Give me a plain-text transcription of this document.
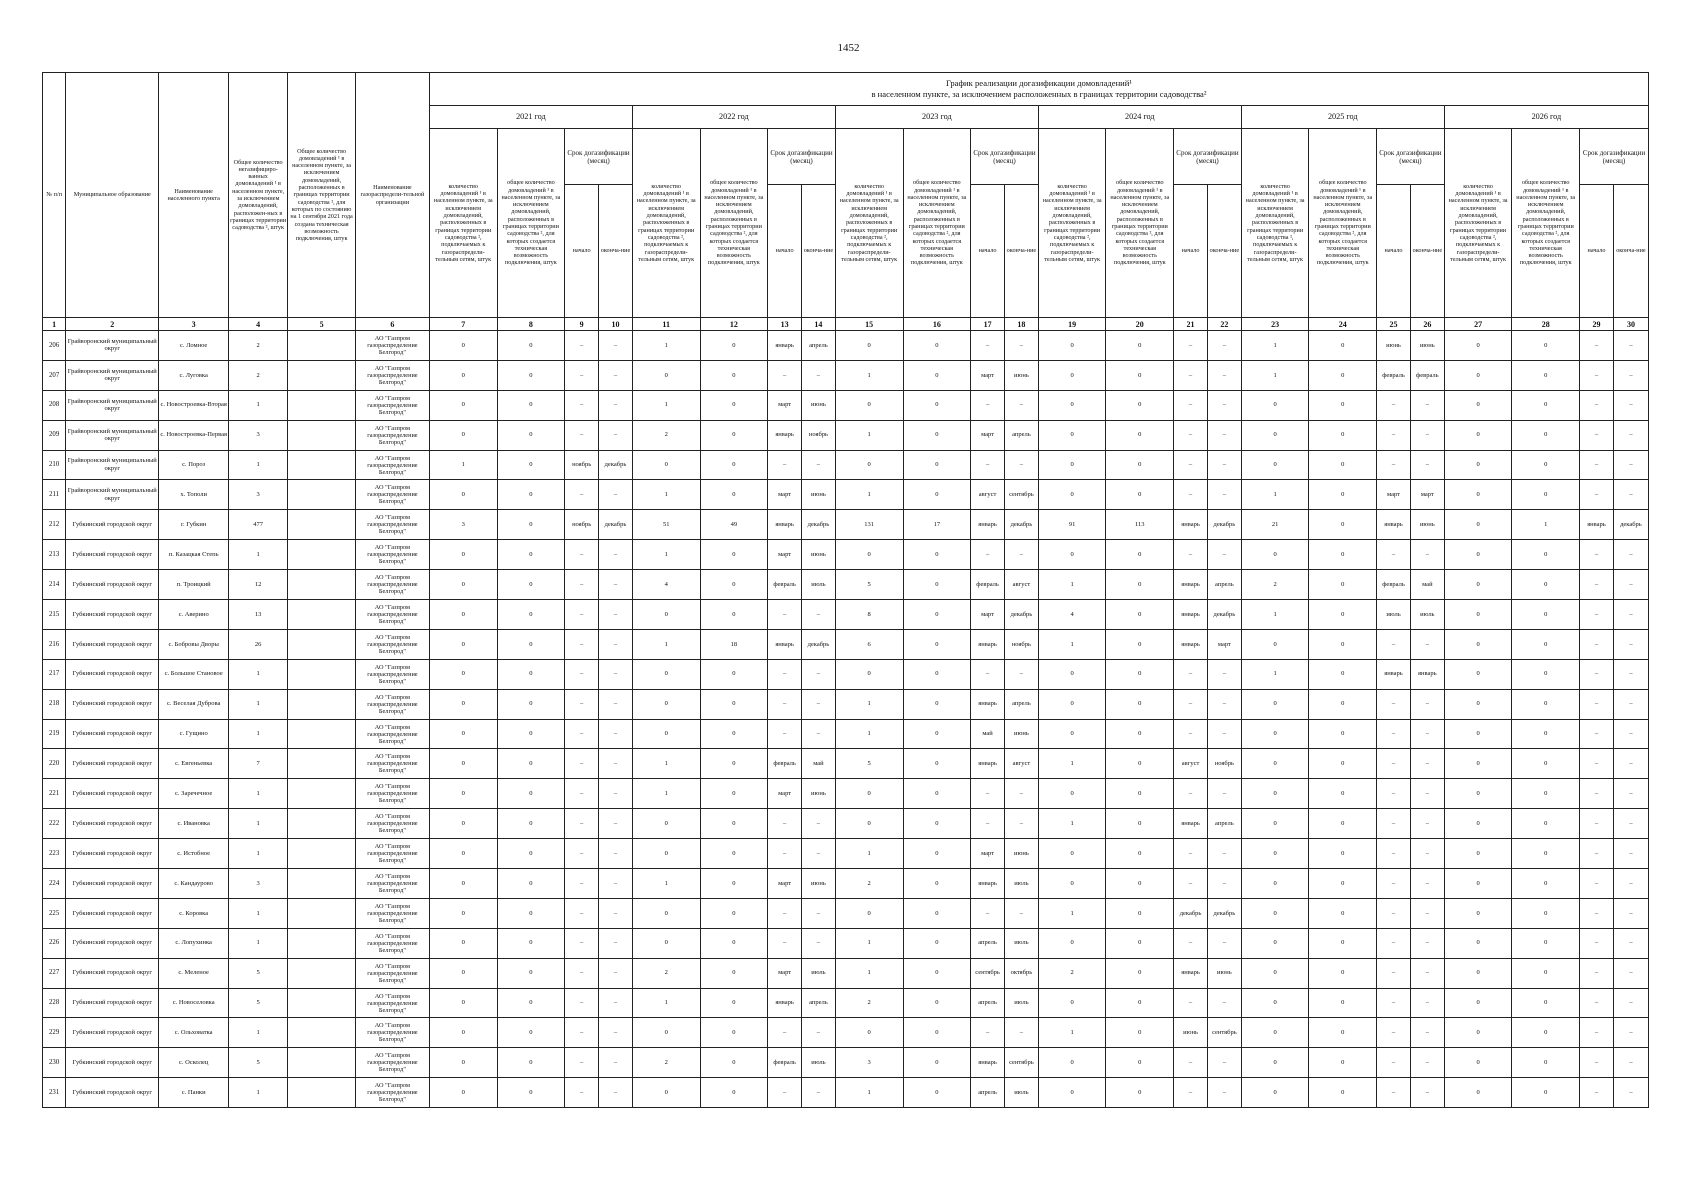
1452
№ п/п	Муниципальное образование	Наименование населенного пункта	Общее количество негазифициро-ванных домовладений ¹ в населенном пункте, за исключением домовладений, расположен-ных в границах территории садоводства ², штук	Общее количество домовладений ¹ в населенном пункте, за исключением домовладений, расположенных в границах территории садоводства ², для которых по состоянию на 1 сентября 2021 года создана техническая возможность подключения, штук	Наименование газораспредели-тельной организации	График реализации догазификации домовладений¹
в населенном пункте, за исключением расположенных в границах территории садоводства²																							

						2021 год				2022 год				2023 год				2024 год				2025 год				2026 год			
						количество домовладений ¹ в населенном пункте, за исключением домовладений, расположенных в границах территории садоводства ², подключаемых к газораспредели-тельным сетям, штук	общее количество домовладений ¹ в населенном пункте, за исключением домовладений, расположенных в границах территории садоводства ², для которых создается техническая возможность подключения, штук	Срок догазификации (месяц)		количество домовладений ¹ в населенном пункте, за исключением домовладений, расположенных в границах территории садоводства ², подключаемых к газораспредели-тельным сетям, штук	общее количество домовладений ¹ в населенном пункте, за исключением домовладений, расположенных в границах территории садоводства ², для которых создается техническая возможность подключения, штук	Срок догазификации (месяц)		количество домовладений ¹ в населенном пункте, за исключением домовладений, расположенных в границах территории садоводства ², подключаемых к газораспредели-тельным сетям, штук	общее количество домовладений ¹ в населенном пункте, за исключением домовладений, расположенных в границах территории садоводства ², для которых создается техническая возможность подключения, штук	Срок догазификации (месяц)		количество домовладений ¹ в населенном пункте, за исключением домовладений, расположенных в границах территории садоводства ², подключаемых к газораспредели-тельным сетям, штук	общее количество домовладений ¹ в населенном пункте, за исключением домовладений, расположенных в границах территории садоводства ², для которых создается техническая возможность подключения, штук	Срок догазификации (месяц)		количество домовладений ¹ в населенном пункте, за исключением домовладений, расположенных в границах территории садоводства ², подключаемых к газораспредели-тельным сетям, штук	общее количество домовладений ¹ в населенном пункте, за исключением домовладений, расположенных в границах территории садоводства ², для которых создается техническая возможность подключения, штук	Срок догазификации (месяц)		количество домовладений ¹ в населенном пункте, за исключением домовладений, расположенных в границах территории садоводства ², подключаемых к газораспредели-тельным сетям, штук	общее количество домовладений ¹ в населенном пункте, за исключением домовладений, расположенных в границах территории садоводства ², для которых создается техническая возможность подключения, штук	Срок догазификации (месяц)	
								начало	оконча-ние			начало	оконча-ние			начало	оконча-ние			начало	оконча-ние			начало	оконча-ние			начало	оконча-ние
1	2	3	4	5	6	7	8	9	10	11	12	13	14	15	16	17	18	19	20	21	22	23	24	25	26	27	28	29	30
206	Грайворонский муниципальный округ	с. Ломное	2		АО "Газпром газораспределение Белгород"	0	0	–	–	1	0	январь	апрель	0	0	–	–	0	0	–	–	1	0	июнь	июнь	0	0	–	–
207	Грайворонский муниципальный округ	с. Луговка	2		АО "Газпром газораспределение Белгород"	0	0	–	–	0	0	–	–	1	0	март	июнь	0	0	–	–	1	0	февраль	февраль	0	0	–	–
208	Грайворонский муниципальный округ	с. Новостроевка-Вторая	1		АО "Газпром газораспределение Белгород"	0	0	–	–	1	0	март	июнь	0	0	–	–	0	0	–	–	0	0	–	–	0	0	–	–
209	Грайворонский муниципальный округ	с. Новостроевка-Первая	3		АО "Газпром газораспределение Белгород"	0	0	–	–	2	0	январь	ноябрь	1	0	март	апрель	0	0	–	–	0	0	–	–	0	0	–	–
210	Грайворонский муниципальный округ	с. Пороз	1		АО "Газпром газораспределение Белгород"	1	0	ноябрь	декабрь	0	0	–	–	0	0	–	–	0	0	–	–	0	0	–	–	0	0	–	–
211	Грайворонский муниципальный округ	х. Тополи	3		АО "Газпром газораспределение Белгород"	0	0	–	–	1	0	март	июнь	1	0	август	сентябрь	0	0	–	–	1	0	март	март	0	0	–	–
212	Губкинский городской округ	г. Губкин	477		АО "Газпром газораспределение Белгород"	3	0	ноябрь	декабрь	51	49	январь	декабрь	131	17	январь	декабрь	91	113	январь	декабрь	21	0	январь	июнь	0	1	январь	декабрь
213	Губкинский городской округ	п. Казацкая Степь	1		АО "Газпром газораспределение Белгород"	0	0	–	–	1	0	март	июнь	0	0	–	–	0	0	–	–	0	0	–	–	0	0	–	–
214	Губкинский городской округ	п. Троицкий	12		АО "Газпром газораспределение Белгород"	0	0	–	–	4	0	февраль	июль	5	0	февраль	август	1	0	январь	апрель	2	0	февраль	май	0	0	–	–
215	Губкинский городской округ	с. Аверино	13		АО "Газпром газораспределение Белгород"	0	0	–	–	0	0	–	–	8	0	март	декабрь	4	0	январь	декабрь	1	0	июль	июль	0	0	–	–
216	Губкинский городской округ	с. Бобровы Дворы	26		АО "Газпром газораспределение Белгород"	0	0	–	–	1	18	январь	декабрь	6	0	январь	ноябрь	1	0	январь	март	0	0	–	–	0	0	–	–
217	Губкинский городской округ	с. Большое Становое	1		АО "Газпром газораспределение Белгород"	0	0	–	–	0	0	–	–	0	0	–	–	0	0	–	–	1	0	январь	январь	0	0	–	–
218	Губкинский городской округ	с. Веселая Дуброва	1		АО "Газпром газораспределение Белгород"	0	0	–	–	0	0	–	–	1	0	январь	апрель	0	0	–	–	0	0	–	–	0	0	–	–
219	Губкинский городской округ	с. Гущино	1		АО "Газпром газораспределение Белгород"	0	0	–	–	0	0	–	–	1	0	май	июнь	0	0	–	–	0	0	–	–	0	0	–	–
220	Губкинский городской округ	с. Евгеньевка	7		АО "Газпром газораспределение Белгород"	0	0	–	–	1	0	февраль	май	5	0	январь	август	1	0	август	ноябрь	0	0	–	–	0	0	–	–
221	Губкинский городской округ	с. Заречечное	1		АО "Газпром газораспределение Белгород"	0	0	–	–	1	0	март	июнь	0	0	–	–	0	0	–	–	0	0	–	–	0	0	–	–
222	Губкинский городской округ	с. Ивановка	1		АО "Газпром газораспределение Белгород"	0	0	–	–	0	0	–	–	0	0	–	–	1	0	январь	апрель	0	0	–	–	0	0	–	–
223	Губкинский городской округ	с. Истобное	1		АО "Газпром газораспределение Белгород"	0	0	–	–	0	0	–	–	1	0	март	июнь	0	0	–	–	0	0	–	–	0	0	–	–
224	Губкинский городской округ	с. Кандаурово	3		АО "Газпром газораспределение Белгород"	0	0	–	–	1	0	март	июнь	2	0	январь	июль	0	0	–	–	0	0	–	–	0	0	–	–
225	Губкинский городской округ	с. Коровка	1		АО "Газпром газораспределение Белгород"	0	0	–	–	0	0	–	–	0	0	–	–	1	0	декабрь	декабрь	0	0	–	–	0	0	–	–
226	Губкинский городской округ	с. Лопухинка	1		АО "Газпром газораспределение Белгород"	0	0	–	–	0	0	–	–	1	0	апрель	июль	0	0	–	–	0	0	–	–	0	0	–	–
227	Губкинский городской округ	с. Меленое	5		АО "Газпром газораспределение Белгород"	0	0	–	–	2	0	март	июль	1	0	сентябрь	октябрь	2	0	январь	июнь	0	0	–	–	0	0	–	–
228	Губкинский городской округ	с. Новоселовка	5		АО "Газпром газораспределение Белгород"	0	0	–	–	1	0	январь	апрель	2	0	апрель	июль	0	0	–	–	0	0	–	–	0	0	–	–
229	Губкинский городской округ	с. Ольховатка	1		АО "Газпром газораспределение Белгород"	0	0	–	–	0	0	–	–	0	0	–	–	1	0	июнь	сентябрь	0	0	–	–	0	0	–	–
230	Губкинский городской округ	с. Осколец	5		АО "Газпром газораспределение Белгород"	0	0	–	–	2	0	февраль	июль	3	0	январь	сентябрь	0	0	–	–	0	0	–	–	0	0	–	–
231	Губкинский городской округ	с. Панки	1		АО "Газпром газораспределение Белгород"	0	0	–	–	0	0	–	–	1	0	апрель	июль	0	0	–	–	0	0	–	–	0	0	–	–
